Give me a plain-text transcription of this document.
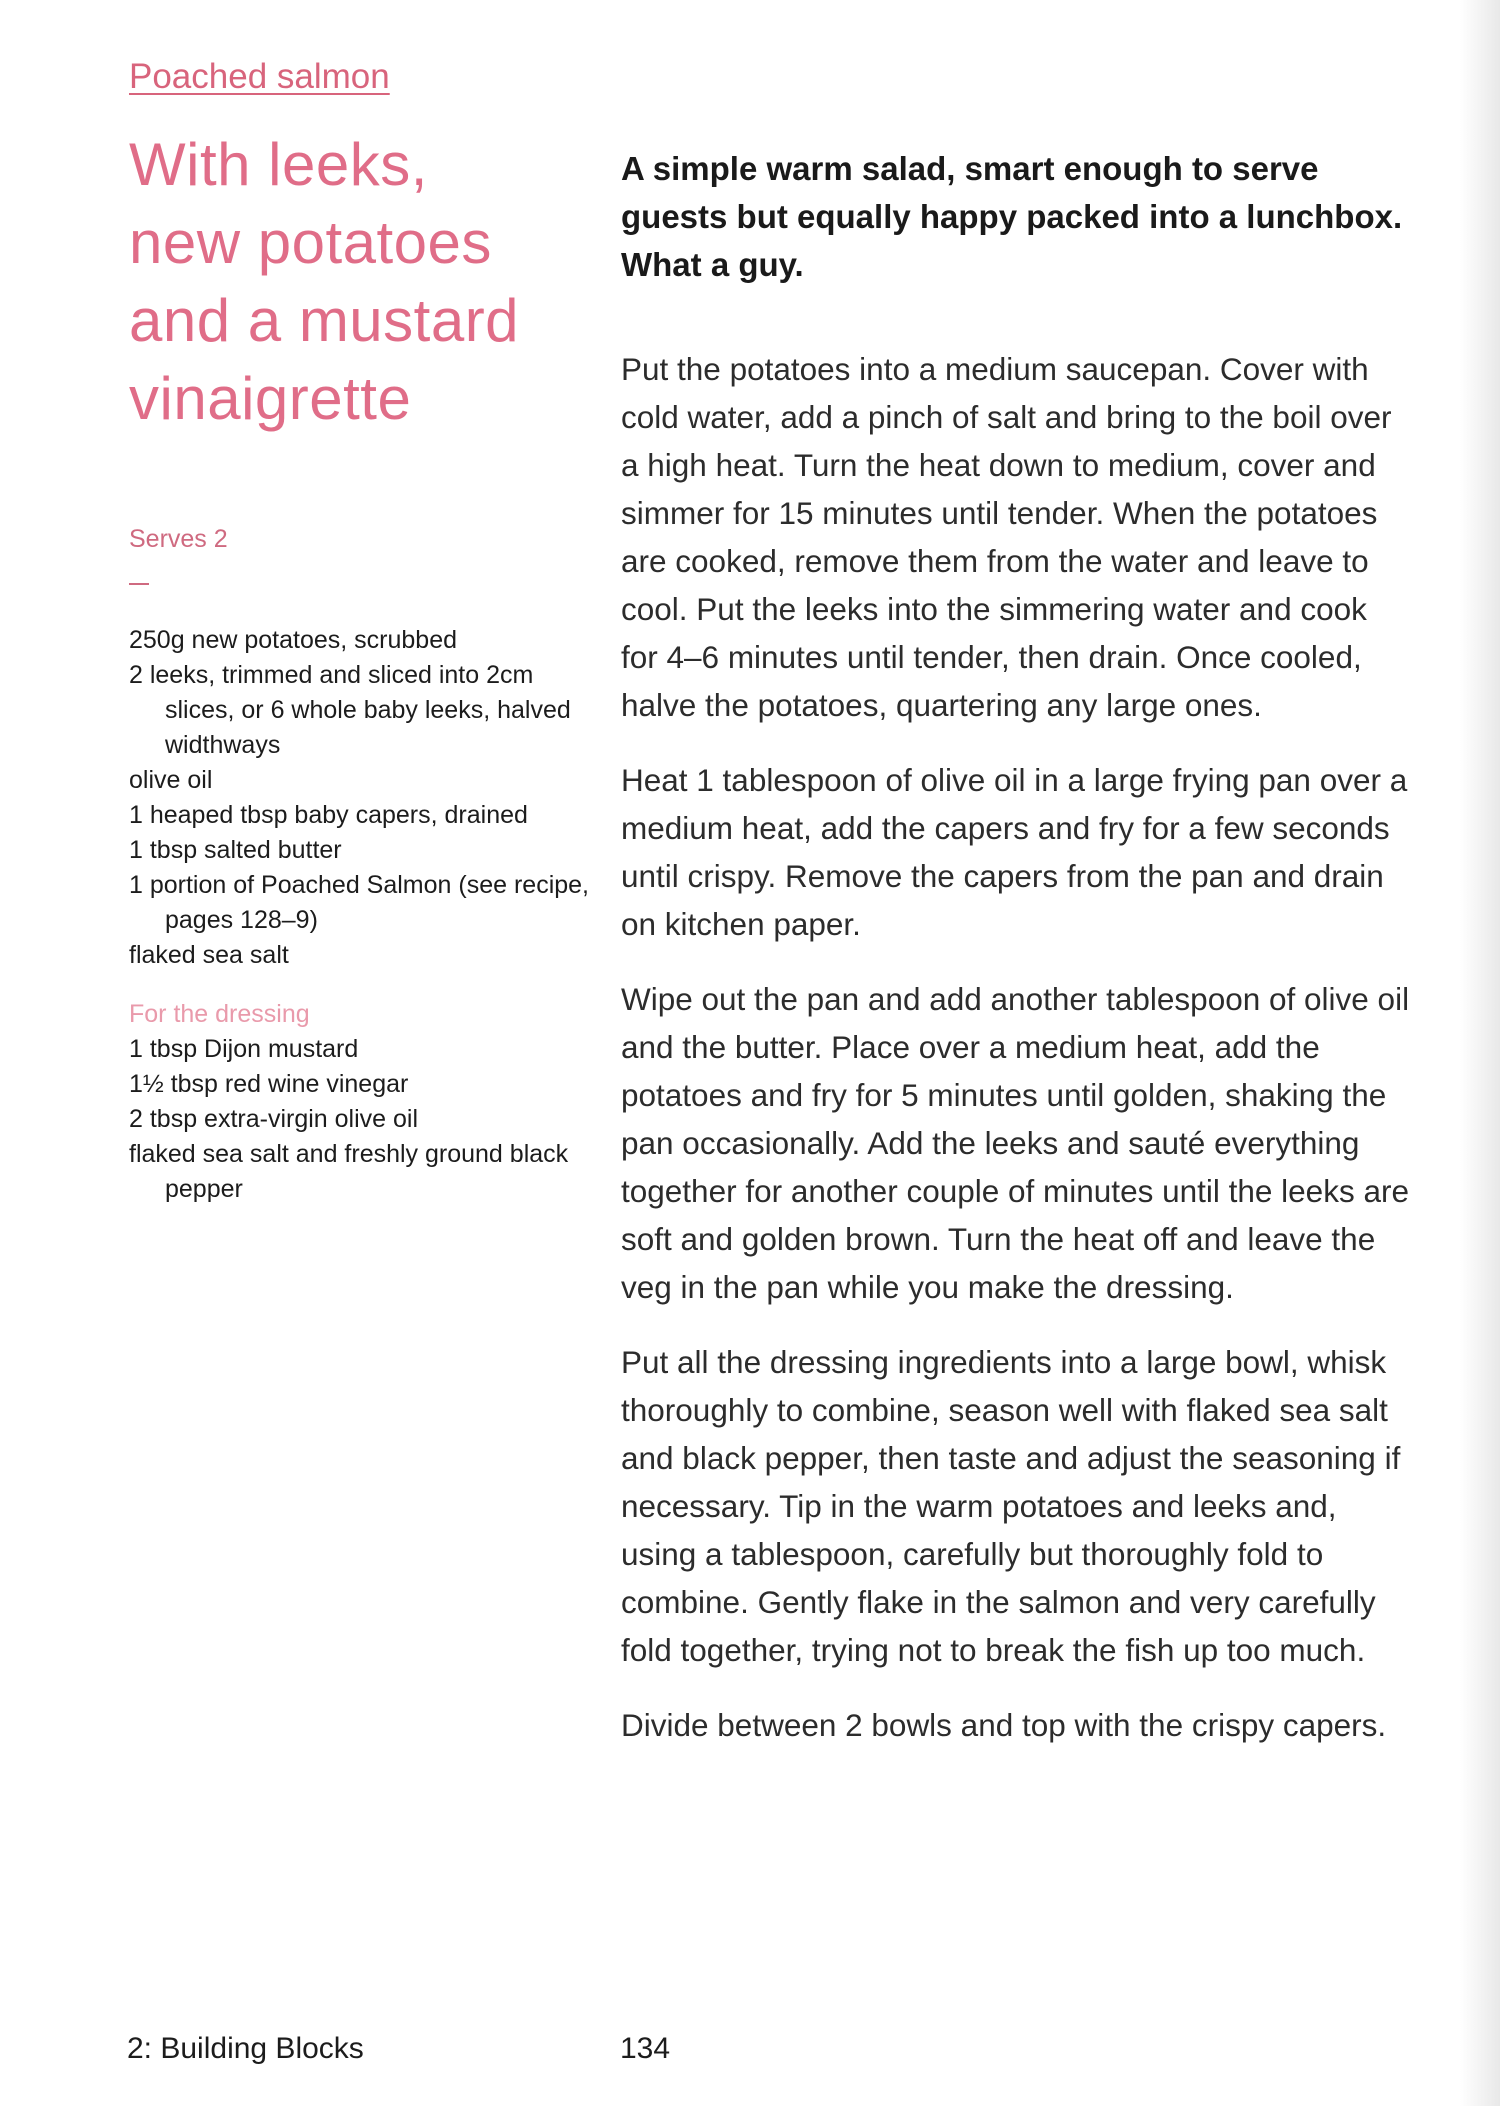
Poached salmon

With leeks,
new potatoes
and a mustard
vinaigrette
Serves 2
250g new potatoes, scrubbed
2 leeks, trimmed and sliced into 2cm slices, or 6 whole baby leeks, halved widthways
olive oil
1 heaped tbsp baby capers, drained
1 tbsp salted butter
1 portion of Poached Salmon (see recipe, pages 128–9)
flaked sea salt
For the dressing
1 tbsp Dijon mustard
1½ tbsp red wine vinegar
2 tbsp extra-virgin olive oil
flaked sea salt and freshly ground black pepper

A simple warm salad, smart enough to serve guests but equally happy packed into a lunchbox. What a guy.

Put the potatoes into a medium saucepan. Cover with cold water, add a pinch of salt and bring to the boil over a high heat. Turn the heat down to medium, cover and simmer for 15 minutes until tender. When the potatoes are cooked, remove them from the water and leave to cool. Put the leeks into the simmering water and cook for 4–6 minutes until tender, then drain. Once cooled, halve the potatoes, quartering any large ones.

Heat 1 tablespoon of olive oil in a large frying pan over a medium heat, add the capers and fry for a few seconds until crispy. Remove the capers from the pan and drain on kitchen paper.

Wipe out the pan and add another tablespoon of olive oil and the butter. Place over a medium heat, add the potatoes and fry for 5 minutes until golden, shaking the pan occasionally. Add the leeks and sauté everything together for another couple of minutes until the leeks are soft and golden brown. Turn the heat off and leave the veg in the pan while you make the dressing.

Put all the dressing ingredients into a large bowl, whisk thoroughly to combine, season well with flaked sea salt and black pepper, then taste and adjust the seasoning if necessary. Tip in the warm potatoes and leeks and, using a tablespoon, carefully but thoroughly fold to combine. Gently flake in the salmon and very carefully fold together, trying not to break the fish up too much.

Divide between 2 bowls and top with the crispy capers.

2: Building Blocks	134
